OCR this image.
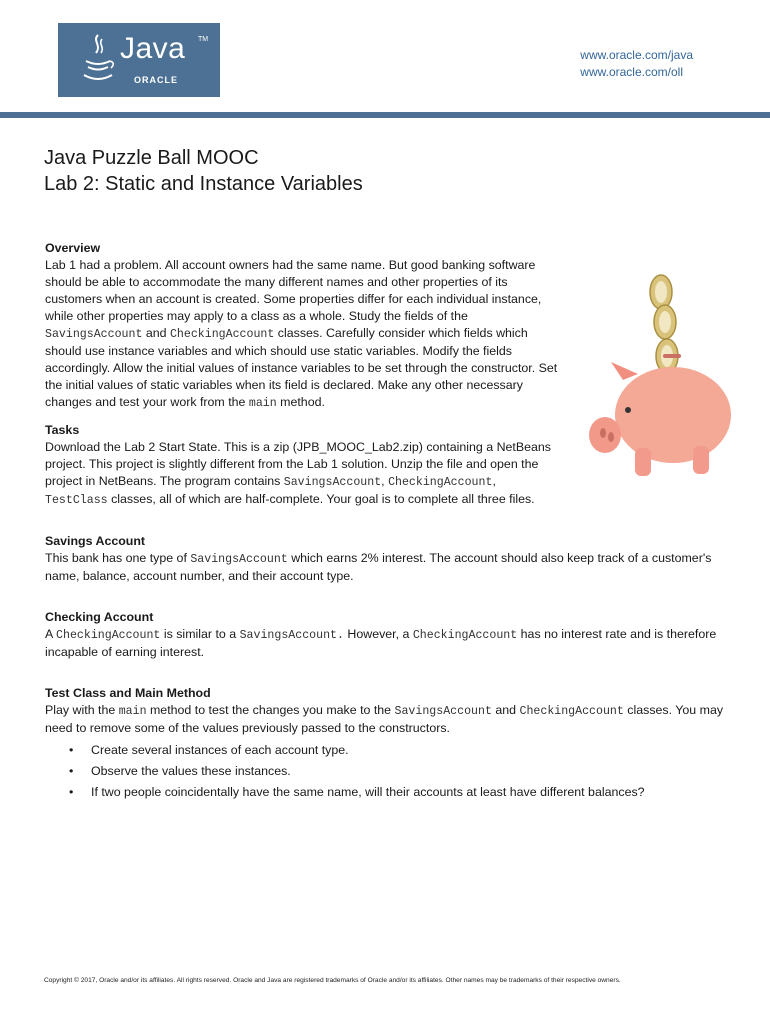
Java TM
ORACLE
www.oracle.com/java
www.oracle.com/oll
Java Puzzle Ball MOOC
Lab 2: Static and Instance Variables
Overview

Lab 1 had a problem. All account owners had the same name. But good banking software should be able to accommodate the many different names and other properties of its customers when an account is created. Some properties differ for each individual instance, while other properties may apply to a class as a whole. Study the fields of the SavingsAccount and CheckingAccount classes. Carefully consider which fields which should use instance variables and which should use static variables. Modify the fields accordingly. Allow the initial values of instance variables to be set through the constructor. Set the initial values of static variables when its field is declared. Make any other necessary changes and test your work from the main method.

Tasks

Download the Lab 2 Start State. This is a zip (JPB_MOOC_Lab2.zip) containing a NetBeans project. This project is slightly different from the Lab 1 solution. Unzip the file and open the project in NetBeans. The program contains SavingsAccount, CheckingAccount, TestClass classes, all of which are half-complete. Your goal is to complete all three files.

Savings Account

This bank has one type of SavingsAccount which earns 2% interest. The account should also keep track of a customer's name, balance, account number, and their account type.

Checking Account

A CheckingAccount is similar to a SavingsAccount. However, a CheckingAccount has no interest rate and is therefore incapable of earning interest.

Test Class and Main Method

Play with the main method to test the changes you make to the SavingsAccount and CheckingAccount classes. You may need to remove some of the values previously passed to the constructors.

• Create several instances of each account type.
• Observe the values these instances.
• If two people coincidentally have the same name, will their accounts at least have different balances?
Copyright © 2017, Oracle and/or its affiliates. All rights reserved. Oracle and Java are registered trademarks of Oracle and/or its affiliates. Other names may be trademarks of their respective owners.
